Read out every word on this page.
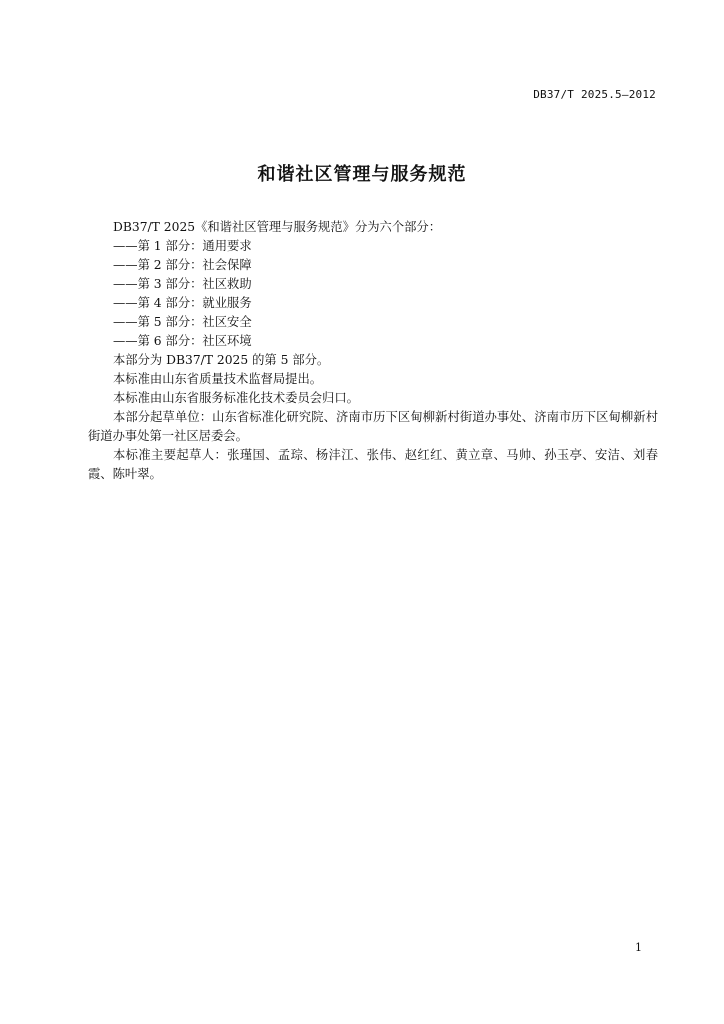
DB37/T 2025.5—2012
和谐社区管理与服务规范

DB37/T 2025《和谐社区管理与服务规范》分为六个部分：

——第 1 部分：通用要求

——第 2 部分：社会保障

——第 3 部分：社区救助

——第 4 部分：就业服务

——第 5 部分：社区安全

——第 6 部分：社区环境

本部分为 DB37/T 2025 的第 5 部分。

本标准由山东省质量技术监督局提出。

本标准由山东省服务标准化技术委员会归口。

本部分起草单位：山东省标准化研究院、济南市历下区甸柳新村街道办事处、济南市历下区甸柳新村街道办事处第一社区居委会。

本标准主要起草人：张瑾国、孟琮、杨沣江、张伟、赵红红、黄立章、马帅、孙玉亭、安洁、刘春霞、陈叶翠。

1
